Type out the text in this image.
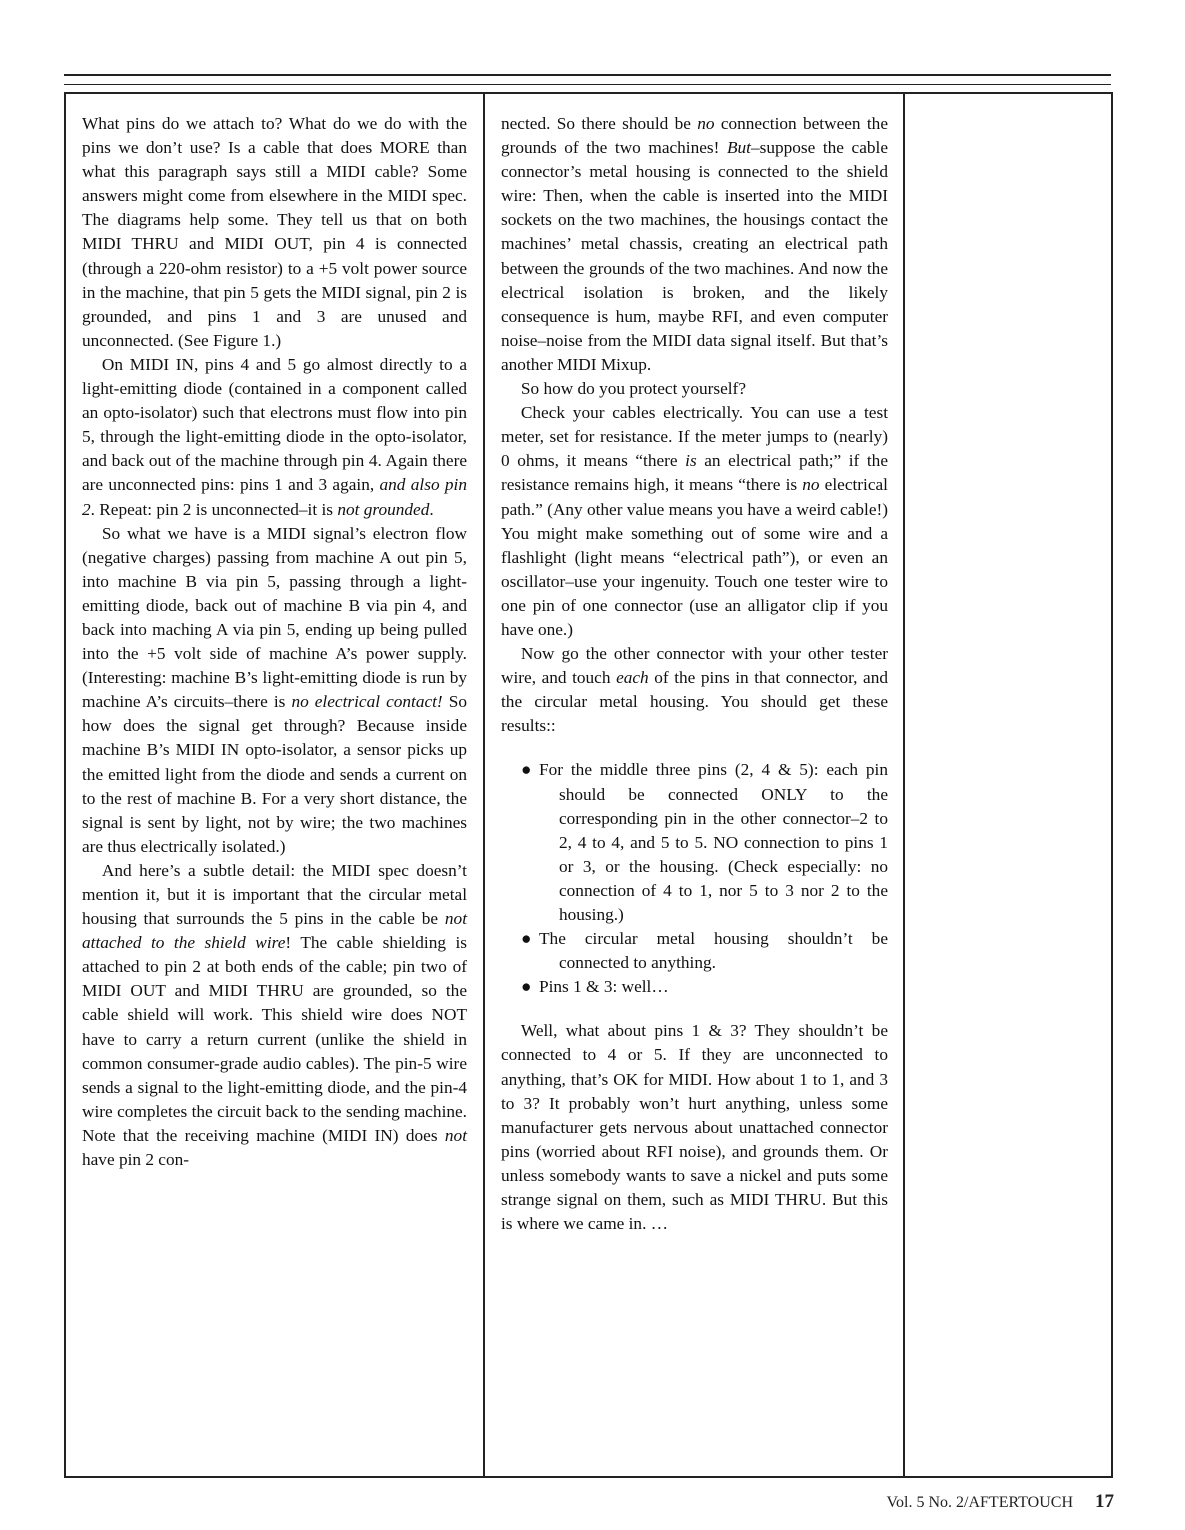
What pins do we attach to? What do we do with the pins we don’t use? Is a cable that does MORE than what this paragraph says still a MIDI cable? Some answers might come from elsewhere in the MIDI spec. The diagrams help some. They tell us that on both MIDI THRU and MIDI OUT, pin 4 is connected (through a 220-ohm resistor) to a +5 volt power source in the machine, that pin 5 gets the MIDI signal, pin 2 is grounded, and pins 1 and 3 are unused and unconnected. (See Figure 1.)

On MIDI IN, pins 4 and 5 go almost directly to a light-emitting diode (contained in a component called an opto-isolator) such that electrons must flow into pin 5, through the light-emitting diode in the opto-isolator, and back out of the machine through pin 4. Again there are unconnected pins: pins 1 and 3 again, and also pin 2. Repeat: pin 2 is unconnected–it is not grounded.

So what we have is a MIDI signal’s electron flow (negative charges) passing from machine A out pin 5, into machine B via pin 5, passing through a light-emitting diode, back out of machine B via pin 4, and back into maching A via pin 5, ending up being pulled into the +5 volt side of machine A’s power supply. (Interesting: machine B’s light-emitting diode is run by machine A’s circuits–there is no electrical contact! So how does the signal get through? Because inside machine B’s MIDI IN opto-isolator, a sensor picks up the emitted light from the diode and sends a current on to the rest of machine B. For a very short distance, the signal is sent by light, not by wire; the two machines are thus electrically isolated.)

And here’s a subtle detail: the MIDI spec doesn’t mention it, but it is important that the circular metal housing that surrounds the 5 pins in the cable be not attached to the shield wire! The cable shielding is attached to pin 2 at both ends of the cable; pin two of MIDI OUT and MIDI THRU are grounded, so the cable shield will work. This shield wire does NOT have to carry a return current (unlike the shield in common consumer-grade audio cables). The pin-5 wire sends a signal to the light-emitting diode, and the pin-4 wire completes the circuit back to the sending machine. Note that the receiving machine (MIDI IN) does not have pin 2 con-

nected. So there should be no connection between the grounds of the two machines! But–suppose the cable connector’s metal housing is connected to the shield wire: Then, when the cable is inserted into the MIDI sockets on the two machines, the housings contact the machines’ metal chassis, creating an electrical path between the grounds of the two machines. And now the electrical isolation is broken, and the likely consequence is hum, maybe RFI, and even computer noise–noise from the MIDI data signal itself. But that’s another MIDI Mixup.

So how do you protect yourself?

Check your cables electrically. You can use a test meter, set for resistance. If the meter jumps to (nearly) 0 ohms, it means “there is an electrical path;” if the resistance remains high, it means “there is no electrical path.” (Any other value means you have a weird cable!) You might make something out of some wire and a flashlight (light means “electrical path”), or even an oscillator–use your ingenuity. Touch one tester wire to one pin of one connector (use an alligator clip if you have one.)

Now go the other connector with your other tester wire, and touch each of the pins in that connector, and the circular metal housing. You should get these results::

● For the middle three pins (2, 4 & 5): each pin should be connected ONLY to the corresponding pin in the other connector–2 to 2, 4 to 4, and 5 to 5. NO connection to pins 1 or 3, or the housing. (Check especially: no connection of 4 to 1, nor 5 to 3 nor 2 to the housing.)
● The circular metal housing shouldn’t be connected to anything.
● Pins 1 & 3: well…

Well, what about pins 1 & 3? They shouldn’t be connected to 4 or 5. If they are unconnected to anything, that’s OK for MIDI. How about 1 to 1, and 3 to 3? It probably won’t hurt anything, unless some manufacturer gets nervous about unattached connector pins (worried about RFI noise), and grounds them. Or unless somebody wants to save a nickel and puts some strange signal on them, such as MIDI THRU. But this is where we came in. …

Vol. 5 No. 2/AFTERTOUCH 17
